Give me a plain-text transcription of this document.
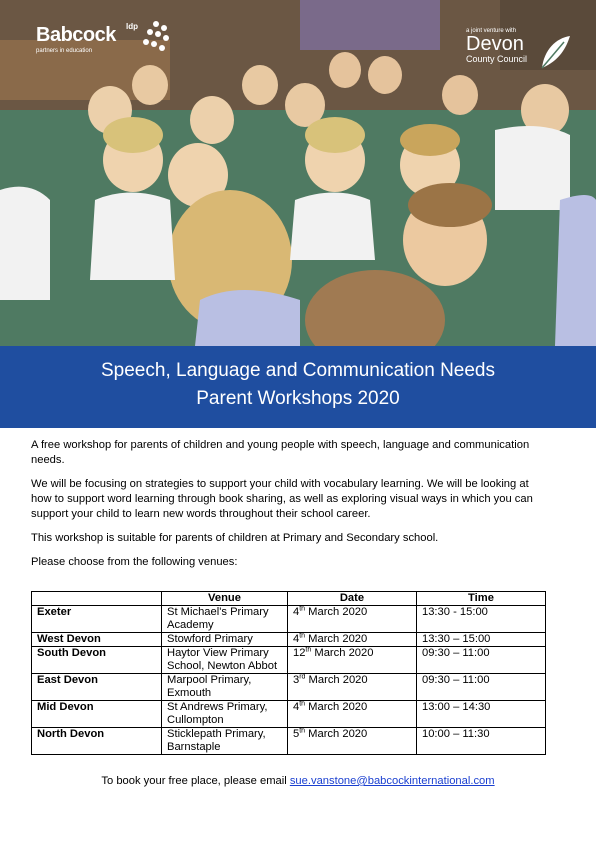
Babcock
partners in education
ldp	a joint venture with
Devon
County Council
Speech, Language and Communication Needs
Parent Workshops 2020

A free workshop for parents of children and young people with speech, language and communication needs.

We will be focusing on strategies to support your child with vocabulary learning. We will be looking at how to support word learning through book sharing, as well as exploring visual ways in which you can support your child to learn new words throughout their school career.

This workshop is suitable for parents of children at Primary and Secondary school.

Please choose from the following venues:

	Venue	Date	Time
Exeter	St Michael's Primary Academy	4th March 2020	13:30 - 15:00
West Devon	Stowford Primary	4th March 2020	13:30 – 15:00
South Devon	Haytor View Primary School, Newton Abbot	12th March 2020	09:30 – 11:00
East Devon	Marpool Primary, Exmouth	3rd March 2020	09:30 – 11:00
Mid Devon	St Andrews Primary, Cullompton	4th March 2020	13:00 – 14:30
North Devon	Sticklepath Primary, Barnstaple	5th March 2020	10:00 – 11:30
To book your free place, please email sue.vanstone@babcockinternational.com
